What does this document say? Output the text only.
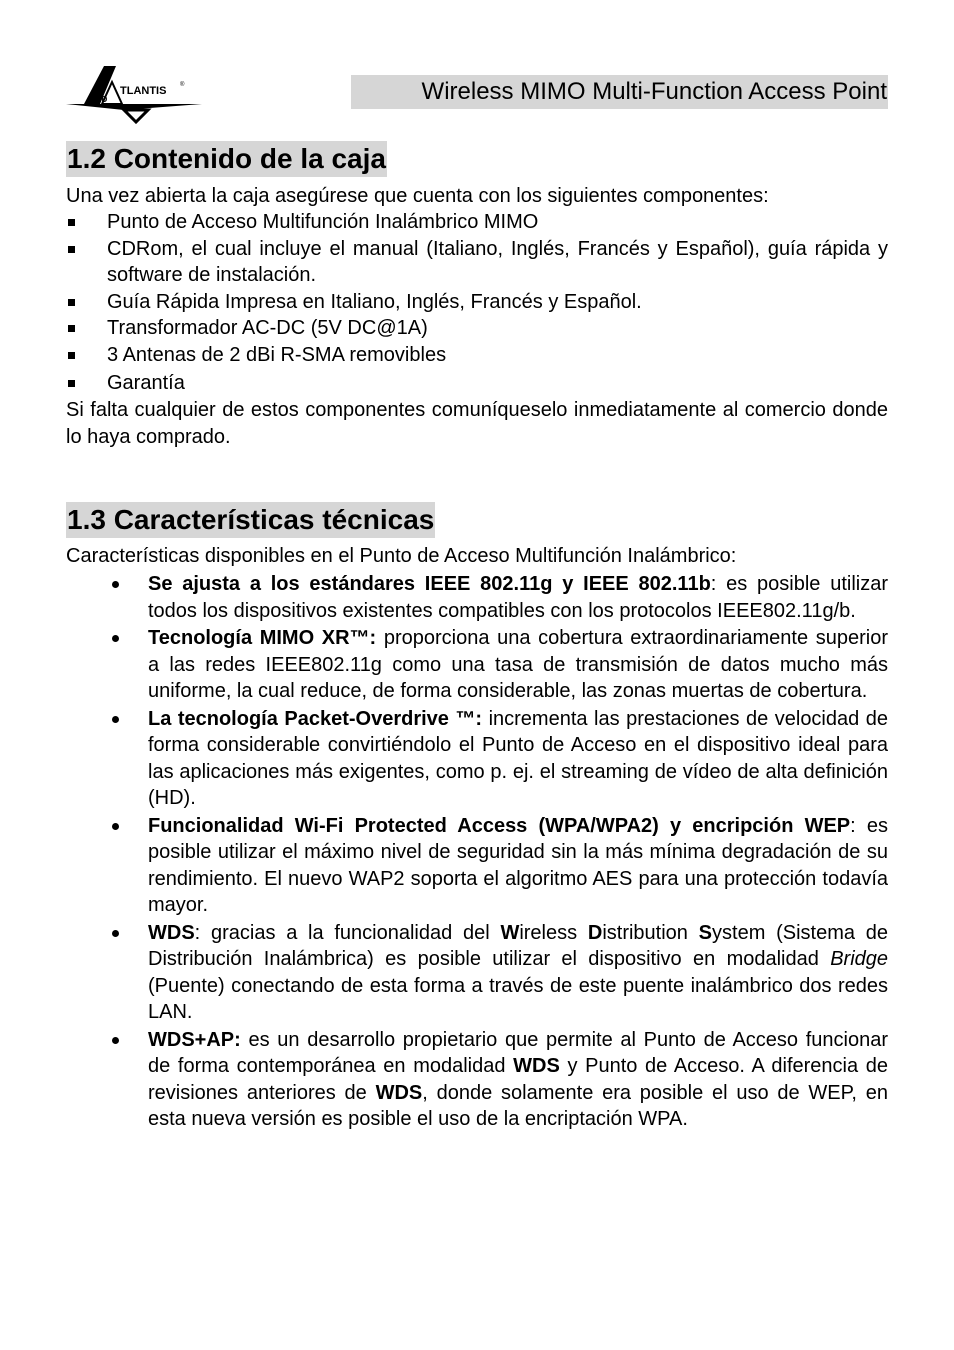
TLANTIS ®
AND	Wireless MIMO Multi-Function Access Point
1.2 Contenido de la caja
Una vez abierta la caja asegúrese que cuenta con los siguientes componentes:
Punto de Acceso Multifunción Inalámbrico MIMO
CDRom, el cual incluye el manual (Italiano, Inglés, Francés y Español), guía rápida y software de instalación.
Guía Rápida Impresa en Italiano, Inglés, Francés y Español.
Transformador AC-DC (5V DC@1A)
3 Antenas de 2 dBi R-SMA removibles
Garantía
Si falta cualquier de estos componentes comuníqueselo inmediatamente al comercio donde lo haya comprado.
1.3 Características técnicas
Características disponibles en el Punto de Acceso Multifunción Inalámbrico:
Se ajusta a los estándares IEEE 802.11g y IEEE 802.11b: es posible utilizar todos los dispositivos existentes compatibles con los protocolos IEEE802.11g/b.
Tecnología MIMO XR™: proporciona una cobertura extraordinariamente superior a las redes IEEE802.11g como una tasa de transmisión de datos mucho más uniforme, la cual reduce, de forma considerable, las zonas muertas de cobertura.
La tecnología Packet-Overdrive ™: incrementa las prestaciones de velocidad de forma considerable convirtiéndolo el Punto de Acceso en el dispositivo ideal para las aplicaciones más exigentes, como p. ej. el streaming de vídeo de alta definición (HD).
Funcionalidad Wi-Fi Protected Access (WPA/WPA2) y encripción WEP: es posible utilizar el máximo nivel de seguridad sin la más mínima degradación de su rendimiento. El nuevo WAP2 soporta el algoritmo AES para una protección todavía mayor.
WDS: gracias a la funcionalidad del Wireless Distribution System (Sistema de Distribución Inalámbrica) es posible utilizar el dispositivo en modalidad Bridge (Puente) conectando de esta forma a través de este puente inalámbrico dos redes LAN.
WDS+AP: es un desarrollo propietario que permite al Punto de Acceso funcionar de forma contemporánea en modalidad WDS y Punto de Acceso. A diferencia de revisiones anteriores de WDS, donde solamente era posible el uso de WEP, en esta nueva versión es posible el uso de la encriptación WPA.
